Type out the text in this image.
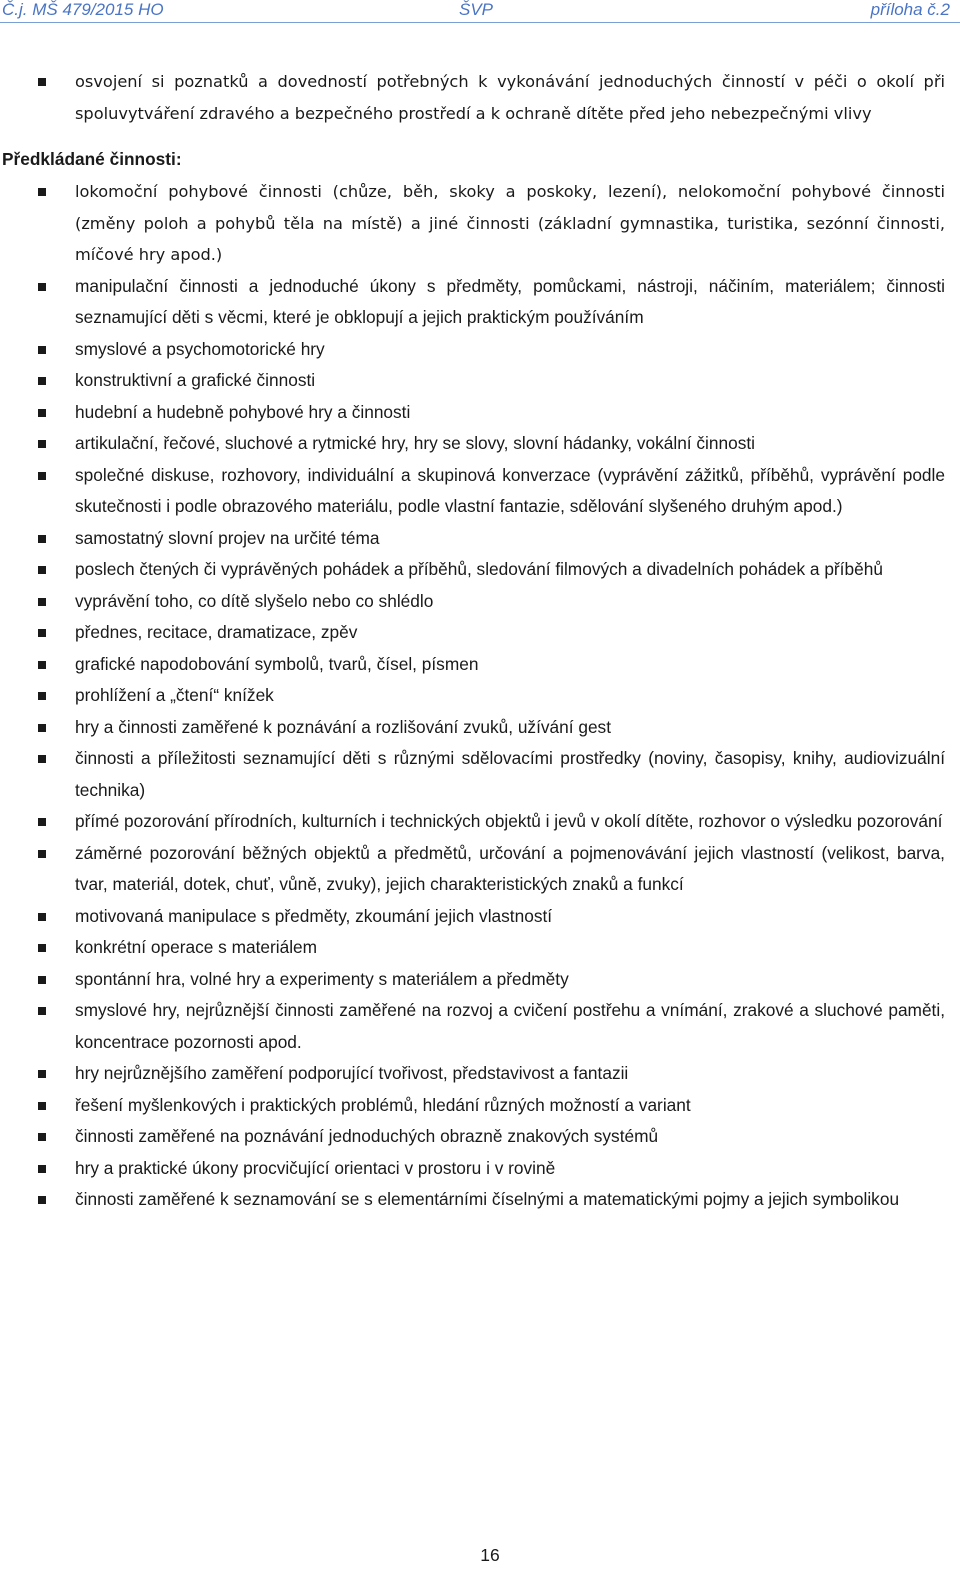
Č.j. MŠ 479/2015 HO	ŠVP	příloha č.2
osvojení si poznatků a dovedností potřebných k vykonávání jednoduchých činností v péči o okolí při spoluvytváření zdravého a bezpečného prostředí a k ochraně dítěte před jeho nebezpečnými vlivy
Předkládané činnosti:
lokomoční pohybové činnosti (chůze, běh, skoky a poskoky, lezení), nelokomoční pohybové činnosti (změny poloh a pohybů těla na místě) a jiné činnosti (základní gymnastika, turistika, sezónní činnosti, míčové hry apod.)
manipulační činnosti a jednoduché úkony s předměty, pomůckami, nástroji, náčiním, materiálem; činnosti seznamující děti s věcmi, které je obklopují a jejich praktickým používáním
smyslové a psychomotorické hry
konstruktivní a grafické činnosti
hudební a hudebně pohybové hry a činnosti
artikulační, řečové, sluchové a rytmické hry, hry se slovy, slovní hádanky, vokální činnosti
společné diskuse, rozhovory, individuální a skupinová konverzace (vyprávění zážitků, příběhů, vyprávění podle skutečnosti i podle obrazového materiálu, podle vlastní fantazie, sdělování slyšeného druhým apod.)
samostatný slovní projev na určité téma
poslech čtených či vyprávěných pohádek a příběhů, sledování filmových a divadelních pohádek a příběhů
vyprávění toho, co dítě slyšelo nebo co shlédlo
přednes, recitace, dramatizace, zpěv
grafické napodobování symbolů, tvarů, čísel, písmen
prohlížení a „čtení“ knížek
hry a činnosti zaměřené k poznávání a rozlišování zvuků, užívání gest
činnosti a příležitosti seznamující děti s různými sdělovacími prostředky (noviny, časopisy, knihy, audiovizuální technika)
přímé pozorování přírodních, kulturních i technických objektů i jevů v okolí dítěte, rozhovor o výsledku pozorování
záměrné pozorování běžných objektů a předmětů, určování a pojmenovávání jejich vlastností (velikost, barva, tvar, materiál, dotek, chuť, vůně, zvuky), jejich charakteristických znaků a funkcí
motivovaná manipulace s předměty, zkoumání jejich vlastností
konkrétní operace s materiálem
spontánní hra, volné hry a experimenty s materiálem a předměty
smyslové hry, nejrůznější činnosti zaměřené na rozvoj a cvičení postřehu a vnímání, zrakové a sluchové paměti, koncentrace pozornosti apod.
hry nejrůznějšího zaměření podporující tvořivost, představivost a fantazii
řešení myšlenkových i praktických problémů, hledání různých možností a variant
činnosti zaměřené na poznávání jednoduchých obrazně znakových systémů
hry a praktické úkony procvičující orientaci v prostoru i v rovině
činnosti zaměřené k seznamování se s elementárními číselnými a matematickými pojmy a jejich symbolikou
16
